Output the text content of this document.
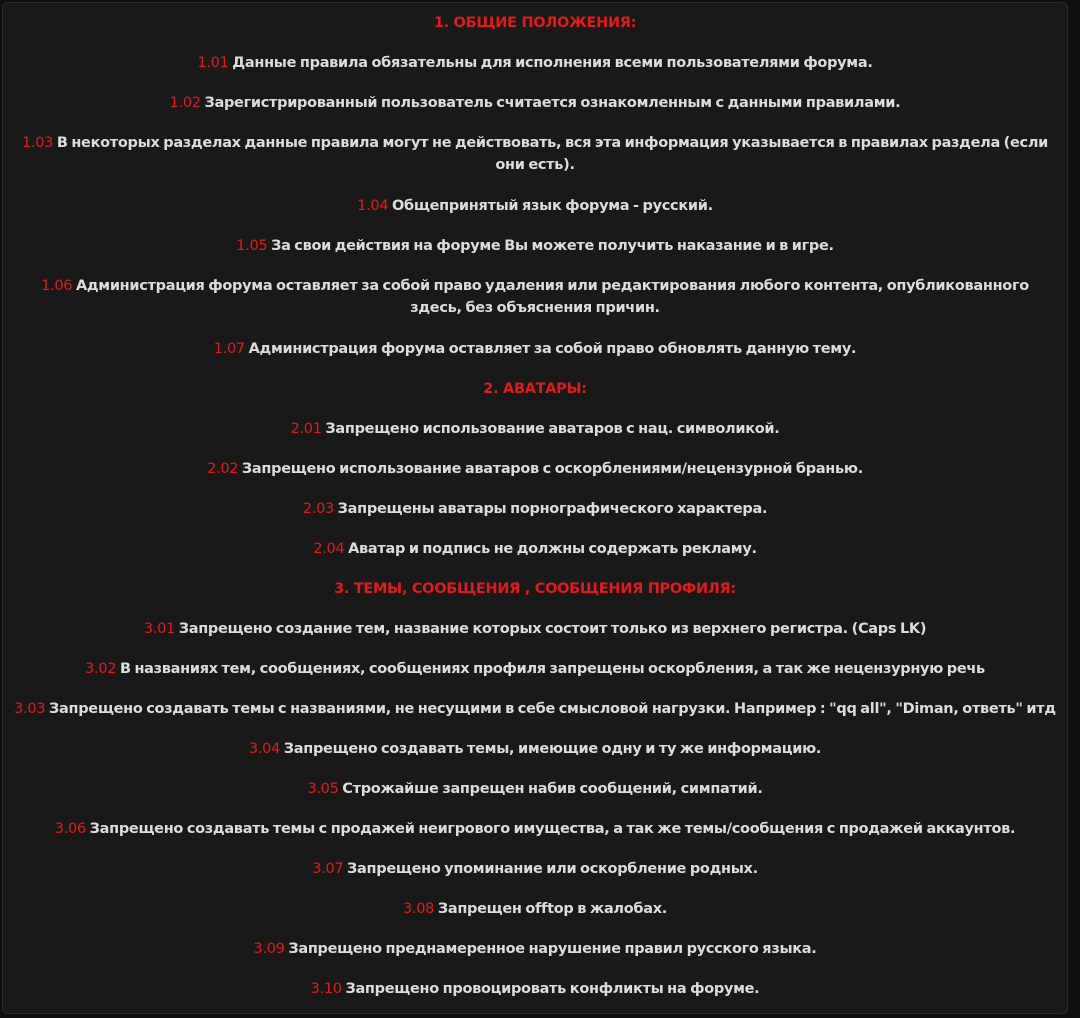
1. ОБЩИЕ ПОЛОЖЕНИЯ:
1.01 Данные правила обязательны для исполнения всеми пользователями форума.
1.02 Зарегистрированный пользователь считается ознакомленным с данными правилами.
1.03 В некоторых разделах данные правила могут не действовать, вся эта информация указывается в правилах раздела (если они есть).
1.04 Общепринятый язык форума - русский.
1.05 За свои действия на форуме Вы можете получить наказание и в игре.
1.06 Администрация форума оставляет за собой право удаления или редактирования любого контента, опубликованного здесь, без объяснения причин.
1.07 Администрация форума оставляет за собой право обновлять данную тему.
2. АВАТАРЫ:
2.01 Запрещено использование аватаров с нац. символикой.
2.02 Запрещено использование аватаров с оскорблениями/нецензурной бранью.
2.03 Запрещены аватары порнографического характера.
2.04 Аватар и подпись не должны содержать рекламу.
3. ТЕМЫ, СООБЩЕНИЯ , СООБЩЕНИЯ ПРОФИЛЯ:
3.01 Запрещено создание тем, название которых состоит только из верхнего регистра. (Caps LK)
3.02 В названиях тем, сообщениях, сообщениях профиля запрещены оскорбления, а так же нецензурную речь
3.03 Запрещено создавать темы с названиями, не несущими в себе смысловой нагрузки. Например : "qq all", "Diman, ответь" итд
3.04 Запрещено создавать темы, имеющие одну и ту же информацию.
3.05 Строжайше запрещен набив сообщений, симпатий.
3.06 Запрещено создавать темы с продажей неигрового имущества, а так же темы/сообщения с продажей аккаунтов.
3.07 Запрещено упоминание или оскорбление родных.
3.08 Запрещен offtop в жалобах.
3.09 Запрещено преднамеренное нарушение правил русского языка.
3.10 Запрещено провоцировать конфликты на форуме.
